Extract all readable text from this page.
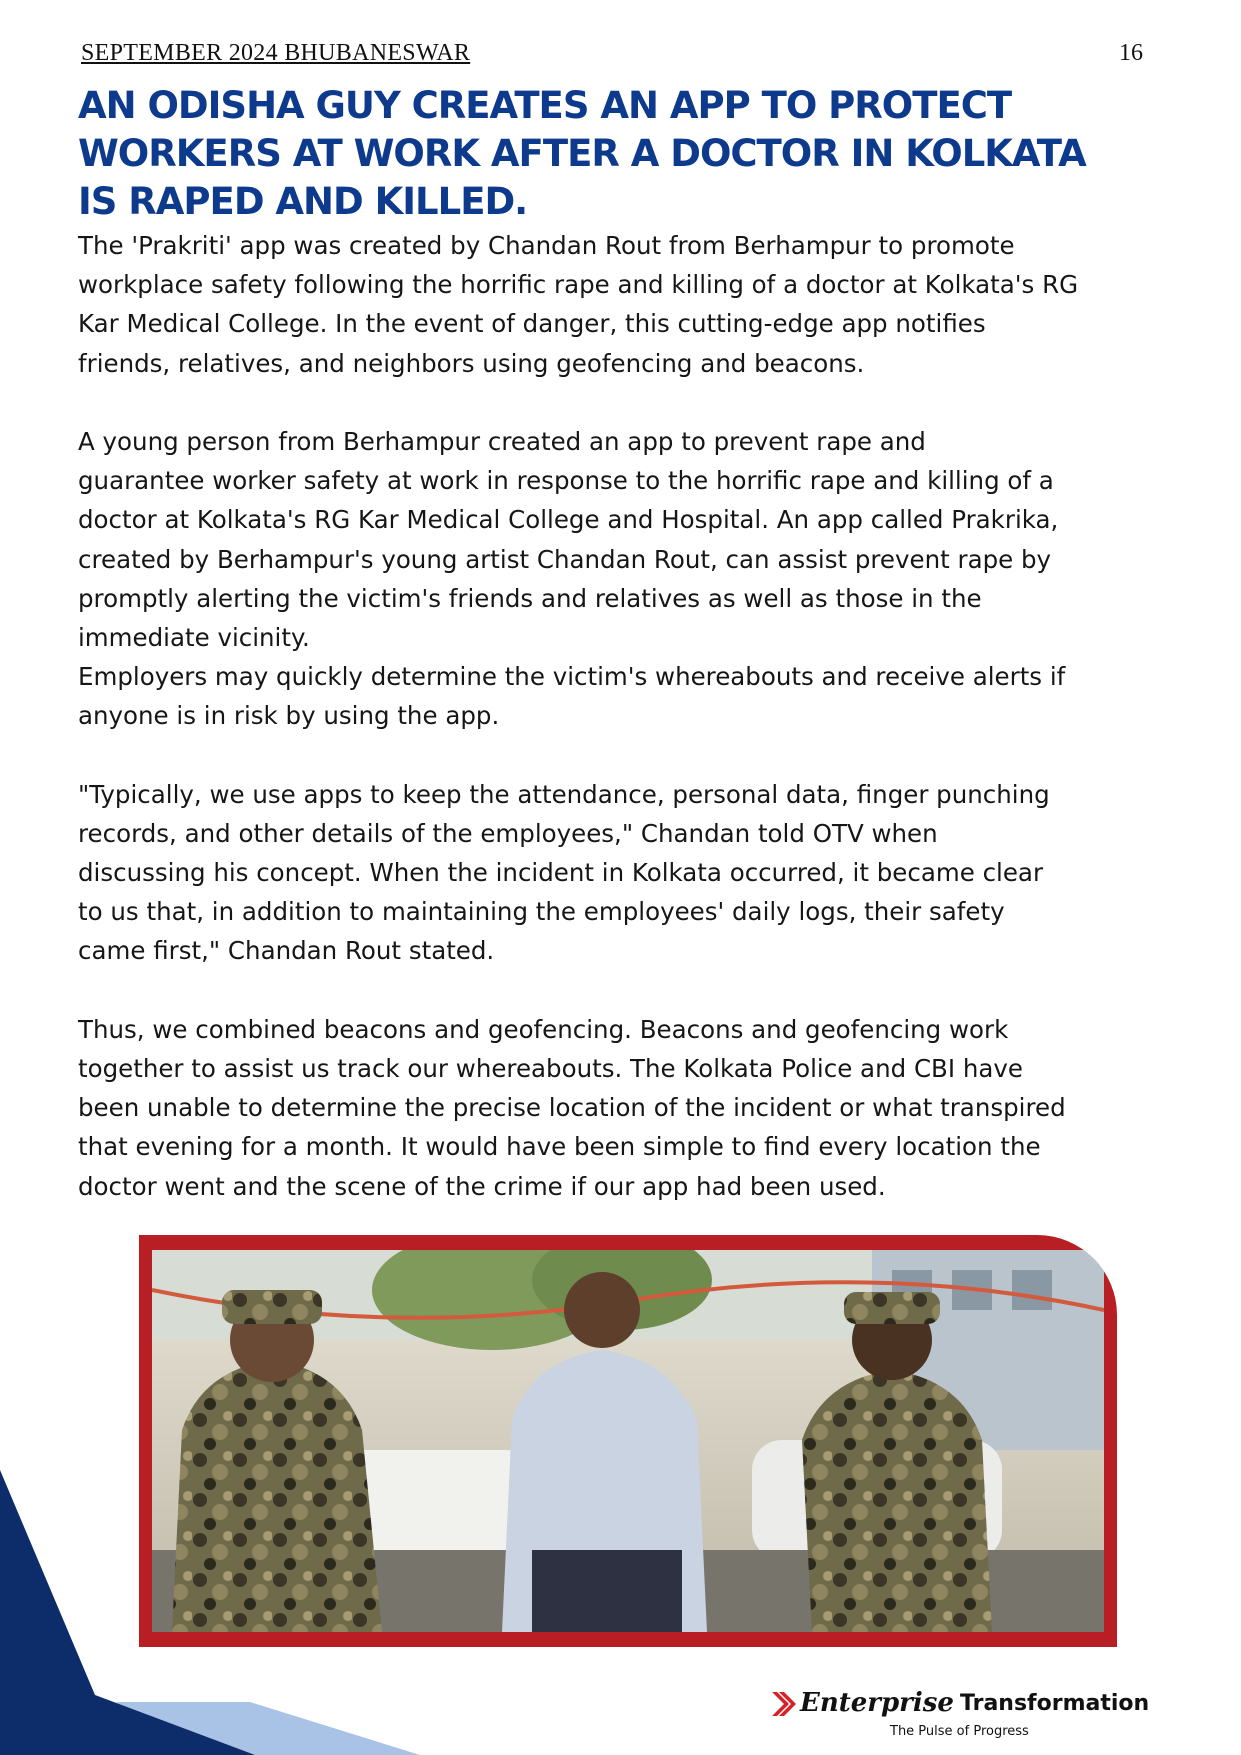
SEPTEMBER 2024 BHUBANESWAR	16
AN ODISHA GUY CREATES AN APP TO PROTECT
WORKERS AT WORK AFTER A DOCTOR IN KOLKATA
IS RAPED AND KILLED.
The 'Prakriti' app was created by Chandan Rout from Berhampur to promote
workplace safety following the horrific rape and killing of a doctor at Kolkata's RG
Kar Medical College. In the event of danger, this cutting-edge app notifies
friends, relatives, and neighbors using geofencing and beacons.
A young person from Berhampur created an app to prevent rape and
guarantee worker safety at work in response to the horrific rape and killing of a
doctor at Kolkata's RG Kar Medical College and Hospital. An app called Prakrika,
created by Berhampur's young artist Chandan Rout, can assist prevent rape by
promptly alerting the victim's friends and relatives as well as those in the
immediate vicinity.
Employers may quickly determine the victim's whereabouts and receive alerts if
anyone is in risk by using the app.
"Typically, we use apps to keep the attendance, personal data, finger punching
records, and other details of the employees," Chandan told OTV when
discussing his concept. When the incident in Kolkata occurred, it became clear
to us that, in addition to maintaining the employees' daily logs, their safety
came first," Chandan Rout stated.
Thus, we combined beacons and geofencing. Beacons and geofencing work
together to assist us track our whereabouts. The Kolkata Police and CBI have
been unable to determine the precise location of the incident or what transpired
that evening for a month. It would have been simple to find every location the
doctor went and the scene of the crime if our app had been used.
Enterprise Transformation
The Pulse of Progress
